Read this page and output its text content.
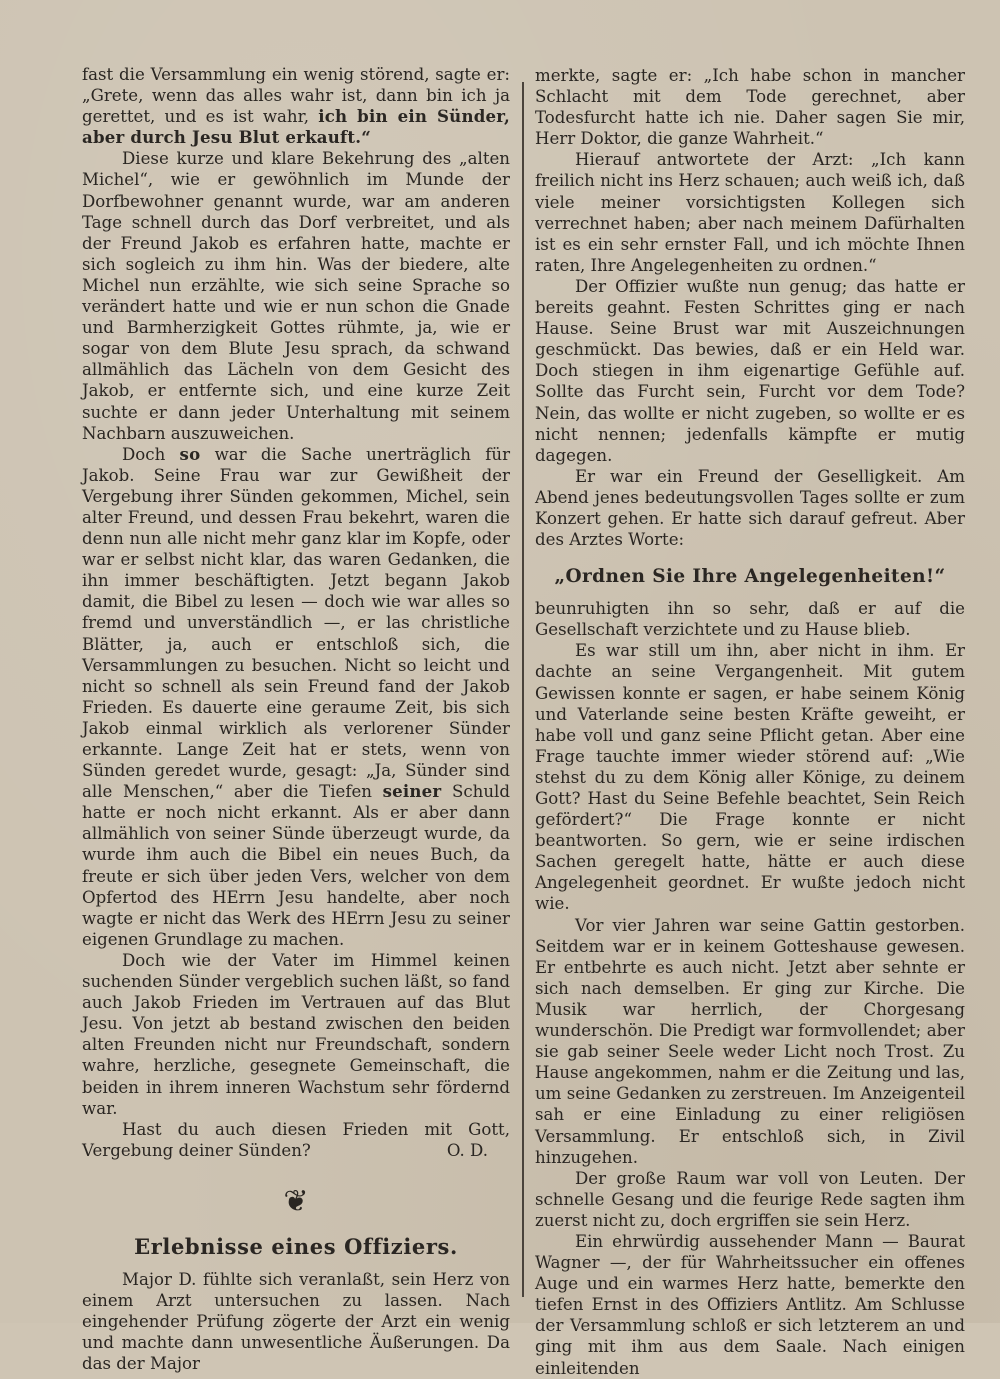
fast die Versammlung ein wenig störend, sagte er: „Grete, wenn das alles wahr ist, dann bin ich ja gerettet, und es ist wahr, ich bin ein Sünder, aber durch Jesu Blut erkauft.“

Diese kurze und klare Bekehrung des „alten Michel“, wie er gewöhnlich im Munde der Dorfbewohner genannt wurde, war am anderen Tage schnell durch das Dorf verbreitet, und als der Freund Jakob es erfahren hatte, machte er sich sogleich zu ihm hin. Was der biedere, alte Michel nun erzählte, wie sich seine Sprache so verändert hatte und wie er nun schon die Gnade und Barmherzigkeit Gottes rühmte, ja, wie er sogar von dem Blute Jesu sprach, da schwand allmählich das Lächeln von dem Gesicht des Jakob, er entfernte sich, und eine kurze Zeit suchte er dann jeder Unterhaltung mit seinem Nachbarn auszuweichen.

Doch so war die Sache unerträglich für Jakob. Seine Frau war zur Gewißheit der Vergebung ihrer Sünden gekommen, Michel, sein alter Freund, und dessen Frau bekehrt, waren die denn nun alle nicht mehr ganz klar im Kopfe, oder war er selbst nicht klar, das waren Gedanken, die ihn immer beschäftigten. Jetzt begann Jakob damit, die Bibel zu lesen — doch wie war alles so fremd und unverständlich —, er las christliche Blätter, ja, auch er entschloß sich, die Versammlungen zu besuchen. Nicht so leicht und nicht so schnell als sein Freund fand der Jakob Frieden. Es dauerte eine geraume Zeit, bis sich Jakob einmal wirklich als verlorener Sünder erkannte. Lange Zeit hat er stets, wenn von Sünden geredet wurde, gesagt: „Ja, Sünder sind alle Menschen,“ aber die Tiefen seiner Schuld hatte er noch nicht erkannt. Als er aber dann allmählich von seiner Sünde überzeugt wurde, da wurde ihm auch die Bibel ein neues Buch, da freute er sich über jeden Vers, welcher von dem Opfertod des HErrn Jesu handelte, aber noch wagte er nicht das Werk des HErrn Jesu zu seiner eigenen Grundlage zu machen.

Doch wie der Vater im Himmel keinen suchenden Sünder vergeblich suchen läßt, so fand auch Jakob Frieden im Vertrauen auf das Blut Jesu. Von jetzt ab bestand zwischen den beiden alten Freunden nicht nur Freundschaft, sondern wahre, herzliche, gesegnete Gemeinschaft, die beiden in ihrem inneren Wachstum sehr fördernd war.

Hast du auch diesen Frieden mit Gott, Vergebung deiner Sünden?	O. D.

❦
Erlebnisse eines Offiziers.

Major D. fühlte sich veranlaßt, sein Herz von einem Arzt untersuchen zu lassen. Nach eingehender Prüfung zögerte der Arzt ein wenig und machte dann unwesentliche Äußerungen. Da das der Major

merkte, sagte er: „Ich habe schon in mancher Schlacht mit dem Tode gerechnet, aber Todesfurcht hatte ich nie. Daher sagen Sie mir, Herr Doktor, die ganze Wahrheit.“

Hierauf antwortete der Arzt: „Ich kann freilich nicht ins Herz schauen; auch weiß ich, daß viele meiner vorsichtigsten Kollegen sich verrechnet haben; aber nach meinem Dafürhalten ist es ein sehr ernster Fall, und ich möchte Ihnen raten, Ihre Angelegenheiten zu ordnen.“

Der Offizier wußte nun genug; das hatte er bereits geahnt. Festen Schrittes ging er nach Hause. Seine Brust war mit Auszeichnungen geschmückt. Das bewies, daß er ein Held war. Doch stiegen in ihm eigenartige Gefühle auf. Sollte das Furcht sein, Furcht vor dem Tode? Nein, das wollte er nicht zugeben, so wollte er es nicht nennen; jedenfalls kämpfte er mutig dagegen.

Er war ein Freund der Geselligkeit. Am Abend jenes bedeutungsvollen Tages sollte er zum Konzert gehen. Er hatte sich darauf gefreut. Aber des Arztes Worte:

„Ordnen Sie Ihre Angelegenheiten!“

beunruhigten ihn so sehr, daß er auf die Gesellschaft verzichtete und zu Hause blieb.

Es war still um ihn, aber nicht in ihm. Er dachte an seine Vergangenheit. Mit gutem Gewissen konnte er sagen, er habe seinem König und Vaterlande seine besten Kräfte geweiht, er habe voll und ganz seine Pflicht getan. Aber eine Frage tauchte immer wieder störend auf: „Wie stehst du zu dem König aller Könige, zu deinem Gott? Hast du Seine Befehle beachtet, Sein Reich gefördert?“ Die Frage konnte er nicht beantworten. So gern, wie er seine irdischen Sachen geregelt hatte, hätte er auch diese Angelegenheit geordnet. Er wußte jedoch nicht wie.

Vor vier Jahren war seine Gattin gestorben. Seitdem war er in keinem Gotteshause gewesen. Er entbehrte es auch nicht. Jetzt aber sehnte er sich nach demselben. Er ging zur Kirche. Die Musik war herrlich, der Chorgesang wunderschön. Die Predigt war formvollendet; aber sie gab seiner Seele weder Licht noch Trost. Zu Hause angekommen, nahm er die Zeitung und las, um seine Gedanken zu zerstreuen. Im Anzeigenteil sah er eine Einladung zu einer religiösen Versammlung. Er entschloß sich, in Zivil hinzugehen.

Der große Raum war voll von Leuten. Der schnelle Gesang und die feurige Rede sagten ihm zuerst nicht zu, doch ergriffen sie sein Herz.

Ein ehrwürdig aussehender Mann — Baurat Wagner —, der für Wahrheitssucher ein offenes Auge und ein warmes Herz hatte, bemerkte den tiefen Ernst in des Offiziers Antlitz. Am Schlusse der Versammlung schloß er sich letzterem an und ging mit ihm aus dem Saale. Nach einigen einleitenden
